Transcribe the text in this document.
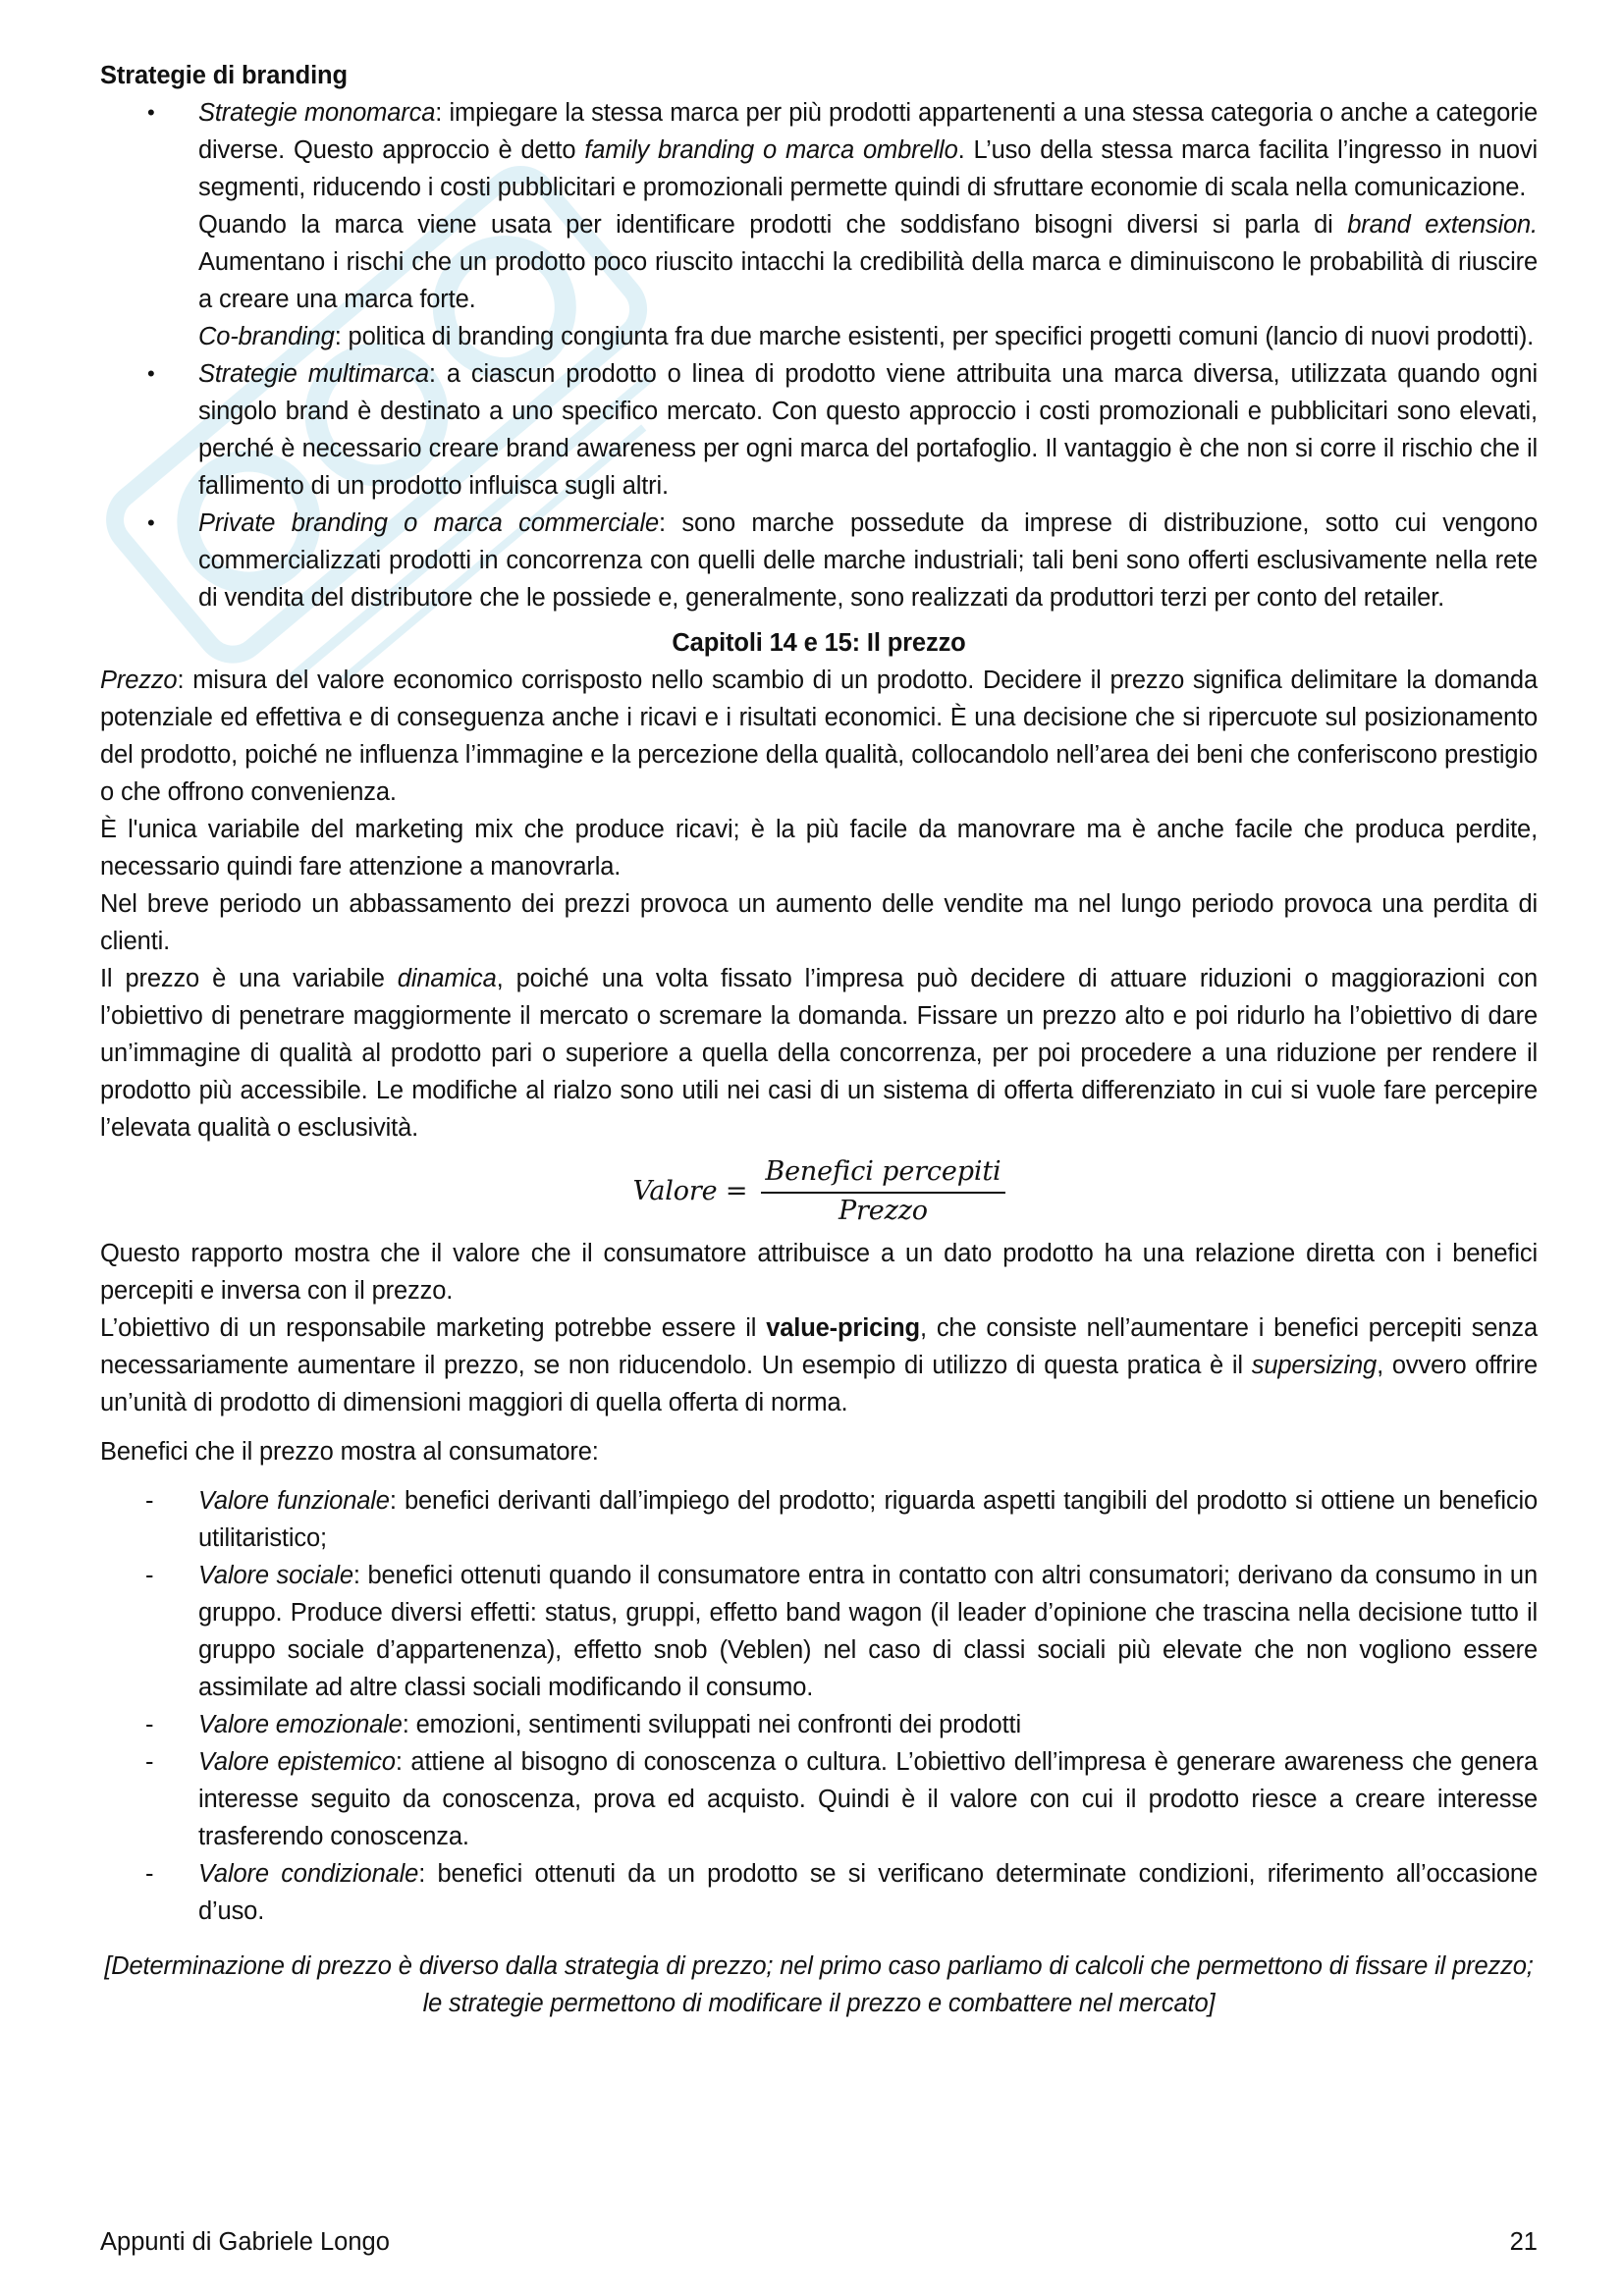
Strategie di branding

• Strategie monomarca: impiegare la stessa marca per più prodotti appartenenti a una stessa categoria o anche a categorie diverse. Questo approccio è detto family branding o marca ombrello. L’uso della stessa marca facilita l’ingresso in nuovi segmenti, riducendo i costi pubblicitari e promozionali permette quindi di sfruttare economie di scala nella comunicazione.

Quando la marca viene usata per identificare prodotti che soddisfano bisogni diversi si parla di brand extension. Aumentano i rischi che un prodotto poco riuscito intacchi la credibilità della marca e diminuiscono le probabilità di riuscire a creare una marca forte.

Co-branding: politica di branding congiunta fra due marche esistenti, per specifici progetti comuni (lancio di nuovi prodotti).

• Strategie multimarca: a ciascun prodotto o linea di prodotto viene attribuita una marca diversa, utilizzata quando ogni singolo brand è destinato a uno specifico mercato. Con questo approccio i costi promozionali e pubblicitari sono elevati, perché è necessario creare brand awareness per ogni marca del portafoglio. Il vantaggio è che non si corre il rischio che il fallimento di un prodotto influisca sugli altri.

• Private branding o marca commerciale: sono marche possedute da imprese di distribuzione, sotto cui vengono commercializzati prodotti in concorrenza con quelli delle marche industriali; tali beni sono offerti esclusivamente nella rete di vendita del distributore che le possiede e, generalmente, sono realizzati da produttori terzi per conto del retailer.

Capitoli 14 e 15: Il prezzo

Prezzo: misura del valore economico corrisposto nello scambio di un prodotto. Decidere il prezzo significa delimitare la domanda potenziale ed effettiva e di conseguenza anche i ricavi e i risultati economici. È una decisione che si ripercuote sul posizionamento del prodotto, poiché ne influenza l’immagine e la percezione della qualità, collocandolo nell’area dei beni che conferiscono prestigio o che offrono convenienza.

È l'unica variabile del marketing mix che produce ricavi; è la più facile da manovrare ma è anche facile che produca perdite, necessario quindi fare attenzione a manovrarla.

Nel breve periodo un abbassamento dei prezzi provoca un aumento delle vendite ma nel lungo periodo provoca una perdita di clienti.

Il prezzo è una variabile dinamica, poiché una volta fissato l’impresa può decidere di attuare riduzioni o maggiorazioni con l’obiettivo di penetrare maggiormente il mercato o scremare la domanda. Fissare un prezzo alto e poi ridurlo ha l’obiettivo di dare un’immagine di qualità al prodotto pari o superiore a quella della concorrenza, per poi procedere a una riduzione per rendere il prodotto più accessibile. Le modifiche al rialzo sono utili nei casi di un sistema di offerta differenziato in cui si vuole fare percepire l’elevata qualità o esclusività.

Valore = $\frac{\text{Benefici percepiti}}{\text{Prezzo}}$

Questo rapporto mostra che il valore che il consumatore attribuisce a un dato prodotto ha una relazione diretta con i benefici percepiti e inversa con il prezzo.

L’obiettivo di un responsabile marketing potrebbe essere il value-pricing, che consiste nell’aumentare i benefici percepiti senza necessariamente aumentare il prezzo, se non riducendolo. Un esempio di utilizzo di questa pratica è il supersizing, ovvero offrire un’unità di prodotto di dimensioni maggiori di quella offerta di norma.

Benefici che il prezzo mostra al consumatore:

- Valore funzionale: benefici derivanti dall’impiego del prodotto; riguarda aspetti tangibili del prodotto si ottiene un beneficio utilitaristico;
- Valore sociale: benefici ottenuti quando il consumatore entra in contatto con altri consumatori; derivano da consumo in un gruppo. Produce diversi effetti: status, gruppi, effetto band wagon (il leader d’opinione che trascina nella decisione tutto il gruppo sociale d’appartenenza), effetto snob (Veblen) nel caso di classi sociali più elevate che non vogliono essere assimilate ad altre classi sociali modificando il consumo.
- Valore emozionale: emozioni, sentimenti sviluppati nei confronti dei prodotti
- Valore epistemico: attiene al bisogno di conoscenza o cultura. L’obiettivo dell’impresa è generare awareness che genera interesse seguito da conoscenza, prova ed acquisto. Quindi è il valore con cui il prodotto riesce a creare interesse trasferendo conoscenza.
- Valore condizionale: benefici ottenuti da un prodotto se si verificano determinate condizioni, riferimento all’occasione d’uso.

[Determinazione di prezzo è diverso dalla strategia di prezzo; nel primo caso parliamo di calcoli che permettono di fissare il prezzo; le strategie permettono di modificare il prezzo e combattere nel mercato]

Appunti di Gabriele Longo	21
